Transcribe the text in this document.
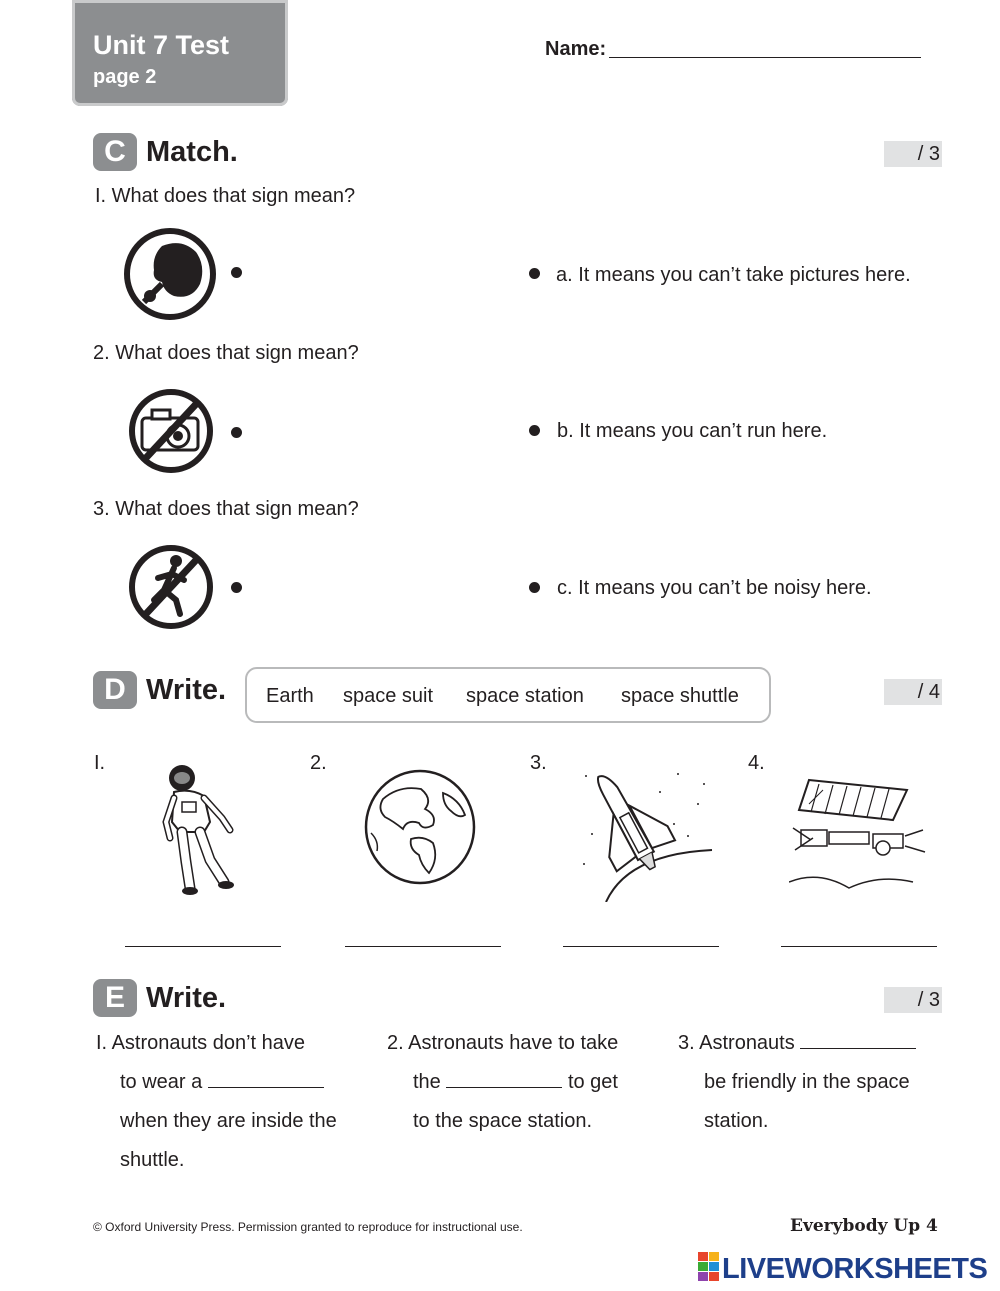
Unit 7 Test
page 2
Name:
C Match.	/ 3
I. What does that sign mean?
2. What does that sign mean?
3. What does that sign mean?
a. It means you can’t take pictures here.
b. It means you can’t run here.
c. It means you can’t be noisy here.
D Write.	/ 4
Earth space suit space station space shuttle
I.	2.	3.	4.
E Write.	/ 3
I. Astronauts don’t have
to wear a
when they are inside the
shuttle.
2. Astronauts have to take
the	to get
to the space station.
3. Astronauts
be friendly in the space
station.
© Oxford University Press. Permission granted to reproduce for instructional use.	Everybody Up 4
LIVEWORKSHEETS
